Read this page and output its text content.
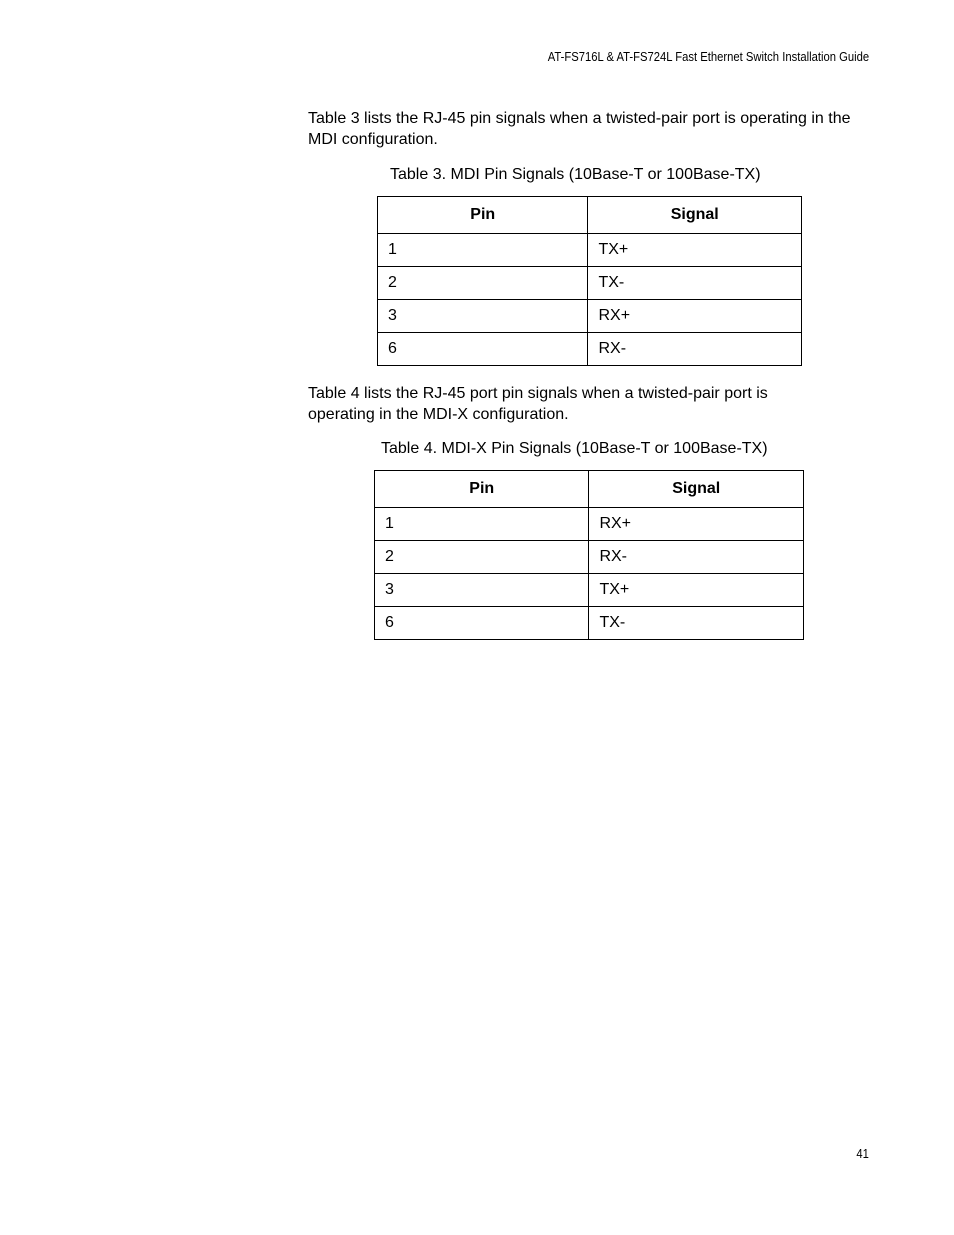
AT-FS716L & AT-FS724L Fast Ethernet Switch Installation Guide

Table 3 lists the RJ-45 pin signals when a twisted-pair port is operating in the MDI configuration.

Table 3. MDI Pin Signals (10Base-T or 100Base-TX)
Pin	Signal
1	TX+
2	TX-
3	RX+
6	RX-

Table 4 lists the RJ-45 port pin signals when a twisted-pair port is operating in the MDI-X configuration.

Table 4. MDI-X Pin Signals (10Base-T or 100Base-TX)
Pin	Signal
1	RX+
2	RX-
3	TX+
6	TX-
41
